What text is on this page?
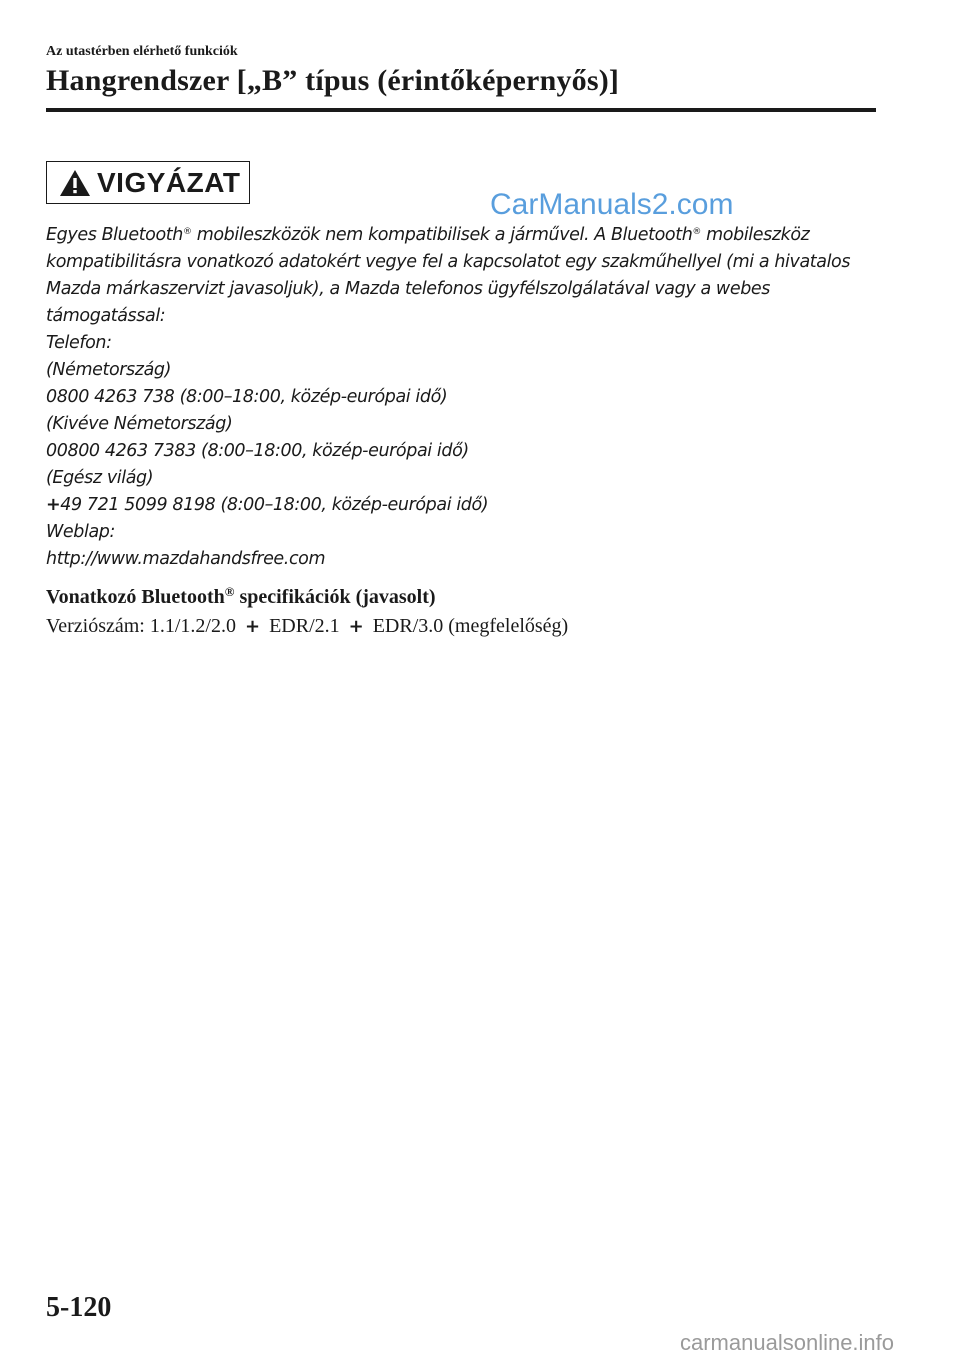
Az utastérben elérhető funkciók
Hangrendszer [„B” típus (érintőképernyős)]
VIGYÁZAT
CarManuals2.com

Egyes Bluetooth® mobileszközök nem kompatibilisek a járművel. A Bluetooth® mobileszköz kompatibilitásra vonatkozó adatokért vegye fel a kapcsolatot egy szakműhellyel (mi a hivatalos Mazda márkaszervizt javasoljuk), a Mazda telefonos ügyfélszolgálatával vagy a webes támogatással:

Telefon:

(Németország)

0800 4263 738 (8:00–18:00, közép-európai idő)

(Kivéve Németország)

00800 4263 7383 (8:00–18:00, közép-európai idő)

(Egész világ)

+49 721 5099 8198 (8:00–18:00, közép-európai idő)

Weblap:

http://www.mazdahandsfree.com

Vonatkozó Bluetooth® specifikációk (javasolt)
Verziószám: 1.1/1.2/2.0 + EDR/2.1 + EDR/3.0 (megfelelőség)
5-120
carmanualsonline.info
